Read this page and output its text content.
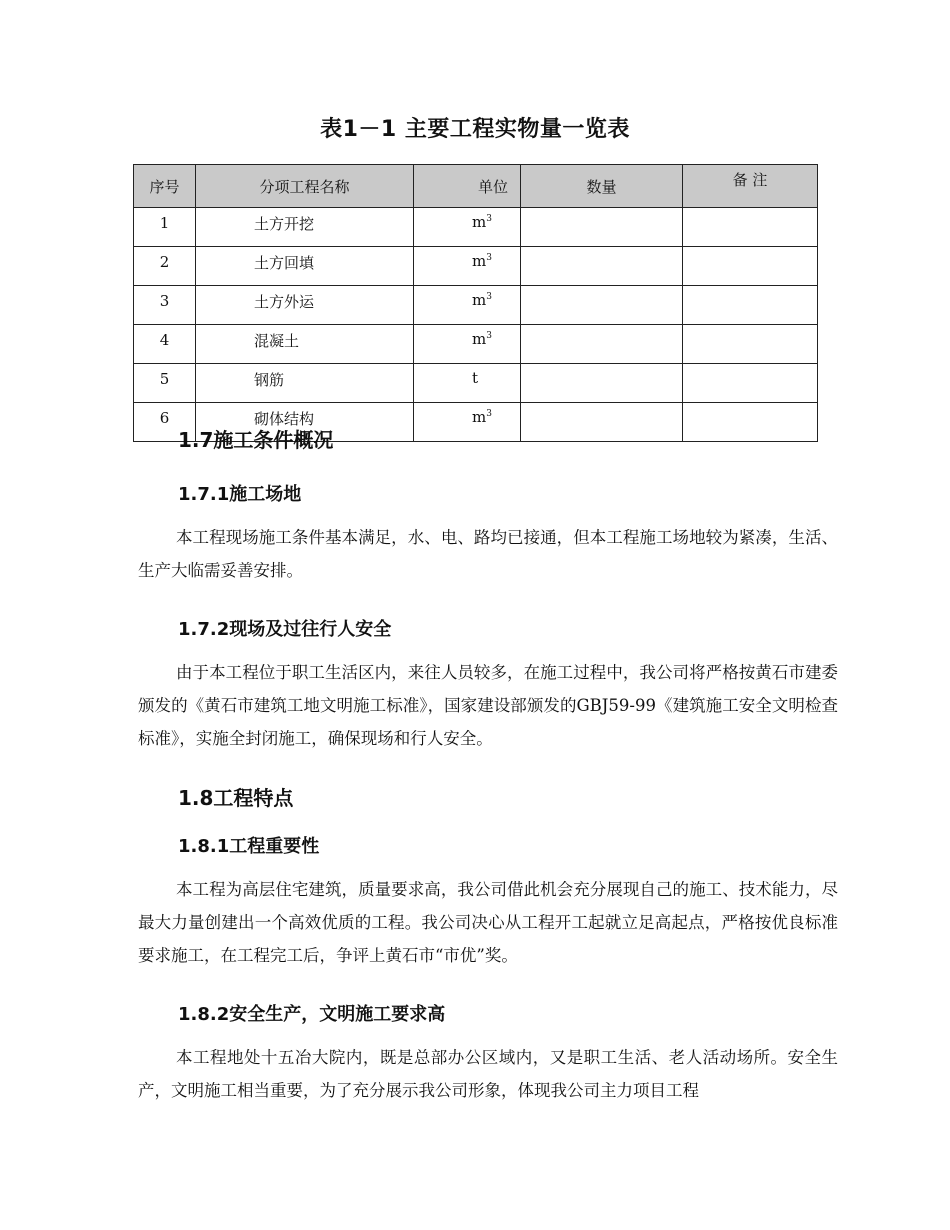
表1－1 主要工程实物量一览表
序号	分项工程名称	单位	数量	备 注
1	土方开挖	$m^3$		
2	土方回填	$m^3$		
3	土方外运	$m^3$		
4	混凝土	$m^3$		
5	钢筋	t		
6	砌体结构	$m^3$		
1.7施工条件概况
1.7.1施工场地

本工程现场施工条件基本满足，水、电、路均已接通，但本工程施工场地较为紧凑，生活、生产大临需妥善安排。

1.7.2现场及过往行人安全

由于本工程位于职工生活区内，来往人员较多，在施工过程中，我公司将严格按黄石市建委颁发的《黄石市建筑工地文明施工标准》，国家建设部颁发的GBJ59-99《建筑施工安全文明检查标准》，实施全封闭施工，确保现场和行人安全。

1.8工程特点
1.8.1工程重要性

本工程为高层住宅建筑，质量要求高，我公司借此机会充分展现自己的施工、技术能力，尽最大力量创建出一个高效优质的工程。我公司决心从工程开工起就立足高起点，严格按优良标准要求施工，在工程完工后，争评上黄石市“市优”奖。

1.8.2安全生产，文明施工要求高

本工程地处十五冶大院内，既是总部办公区域内，又是职工生活、老人活动场所。安全生产，文明施工相当重要，为了充分展示我公司形象，体现我公司主力项目工程
